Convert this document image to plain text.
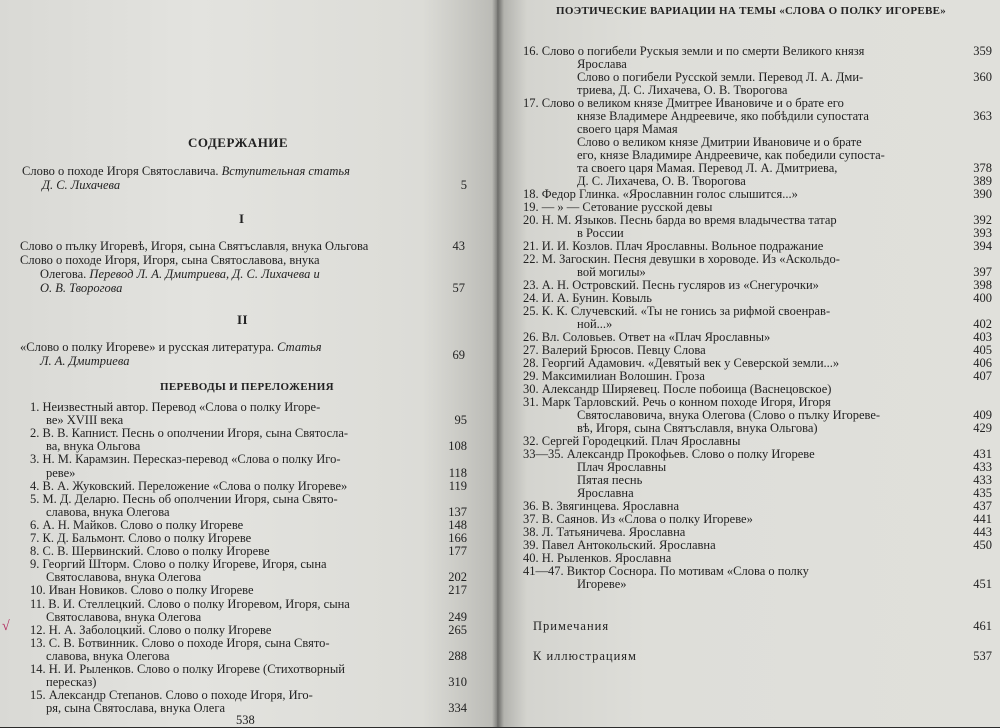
СОДЕРЖАНИЕ
Слово о походе Игоря Святославича. Вступительная статья
Д. С. Лихачева	5
I
Слово о пълку Игоревѣ, Игоря, сына Святъславля, внука Ольгова	43
Слово о походе Игоря, Игоря, сына Святославова, внука
Олегова. Перевод Л. А. Дмитриева, Д. С. Лихачева и
О. В. Творогова	57
II
«Слово о полку Игореве» и русская литература. Статья
Л. А. Дмитриева	69
ПЕРЕВОДЫ И ПЕРЕЛОЖЕНИЯ
1. Неизвестный автор. Перевод «Слова о полку Игоре-
ве» XVIII века	95
2. В. В. Капнист. Песнь о ополчении Игоря, сына Святосла-
ва, внука Ольгова	108
3. Н. М. Карамзин. Пересказ-перевод «Слова о полку Иго-
реве»	118
4. В. А. Жуковский. Переложение «Слова о полку Игореве»	119
5. М. Д. Деларю. Песнь об ополчении Игоря, сына Свято-
славова, внука Олегова	137
6. А. Н. Майков. Слово о полку Игореве	148
7. К. Д. Бальмонт. Слово о полку Игореве	166
8. С. В. Шервинский. Слово о полку Игореве	177
9. Георгий Шторм. Слово о полку Игореве, Игоря, сына
Святославова, внука Олегова	202
10. Иван Новиков. Слово о полку Игореве	217
11. В. И. Стеллецкий. Слово о полку Игоревом, Игоря, сына
Святославова, внука Олегова	249
12. Н. А. Заболоцкий. Слово о полку Игореве	265
13. С. В. Ботвинник. Слово о походе Игоря, сына Свято-
славова, внука Олегова	288
14. Н. И. Рыленков. Слово о полку Игореве (Стихотворный
пересказ)	310
15. Александр Степанов. Слово о походе Игоря, Иго-
ря, сына Святослава, внука Олега	334
√
ПОЭТИЧЕСКИЕ ВАРИАЦИИ НА ТЕМЫ «СЛОВА О ПОЛКУ ИГОРЕВЕ»
16. Слово о погибели Рускыя земли и по смерти Великого князя	359
Ярослава
Слово о погибели Русской земли. Перевод Л. А. Дми-	360
триева, Д. С. Лихачева, О. В. Творогова
17. Слово о великом князе Дмитрее Ивановиче и о брате его
князе Владимере Андреевиче, яко побѣдили супостата	363
своего царя Мамая
Слово о великом князе Дмитрии Ивановиче и о брате
его, князе Владимире Андреевиче, как победили супоста-
та своего царя Мамая. Перевод Л. А. Дмитриева,	378
Д. С. Лихачева, О. В. Творогова	389
18. Федор Глинка. «Ярославнин голос слышится...»	390
19. — » — Сетование русской девы
20. Н. М. Языков. Песнь барда во время владычества татар	392
в России	393
21. И. И. Козлов. Плач Ярославны. Вольное подражание	394
22. М. Загоскин. Песня девушки в хороводе. Из «Аскольдо-
вой могилы»	397
23. А. Н. Островский. Песнь гусляров из «Снегурочки»	398
24. И. А. Бунин. Ковыль	400
25. К. К. Случевский. «Ты не гонись за рифмой своенрав-
ной...»	402
26. Вл. Соловьев. Ответ на «Плач Ярославны»	403
27. Валерий Брюсов. Певцу Слова	405
28. Георгий Адамович. «Девятый век у Северской земли...»	406
29. Максимилиан Волошин. Гроза	407
30. Александр Ширяевец. После побоища (Васнецовское)
31. Марк Тарловский. Речь о конном походе Игоря, Игоря
Святославовича, внука Олегова (Слово о пълку Игореве-	409
вѣ, Игоря, сына Святъславля, внука Ольгова)	429
32. Сергей Городецкий. Плач Ярославны
33—35. Александр Прокофьев. Слово о полку Игореве	431
Плач Ярославны	433
Пятая песнь	433
Ярославна	435
36. В. Звягинцева. Ярославна	437
37. В. Саянов. Из «Слова о полку Игореве»	441
38. Л. Татьяничева. Ярославна	443
39. Павел Антокольский. Ярославна	450
40. Н. Рыленков. Ярославна
41—47. Виктор Соснора. По мотивам «Слова о полку
Игореве»	451
Примечания	461
К иллюстрациям	537
538
